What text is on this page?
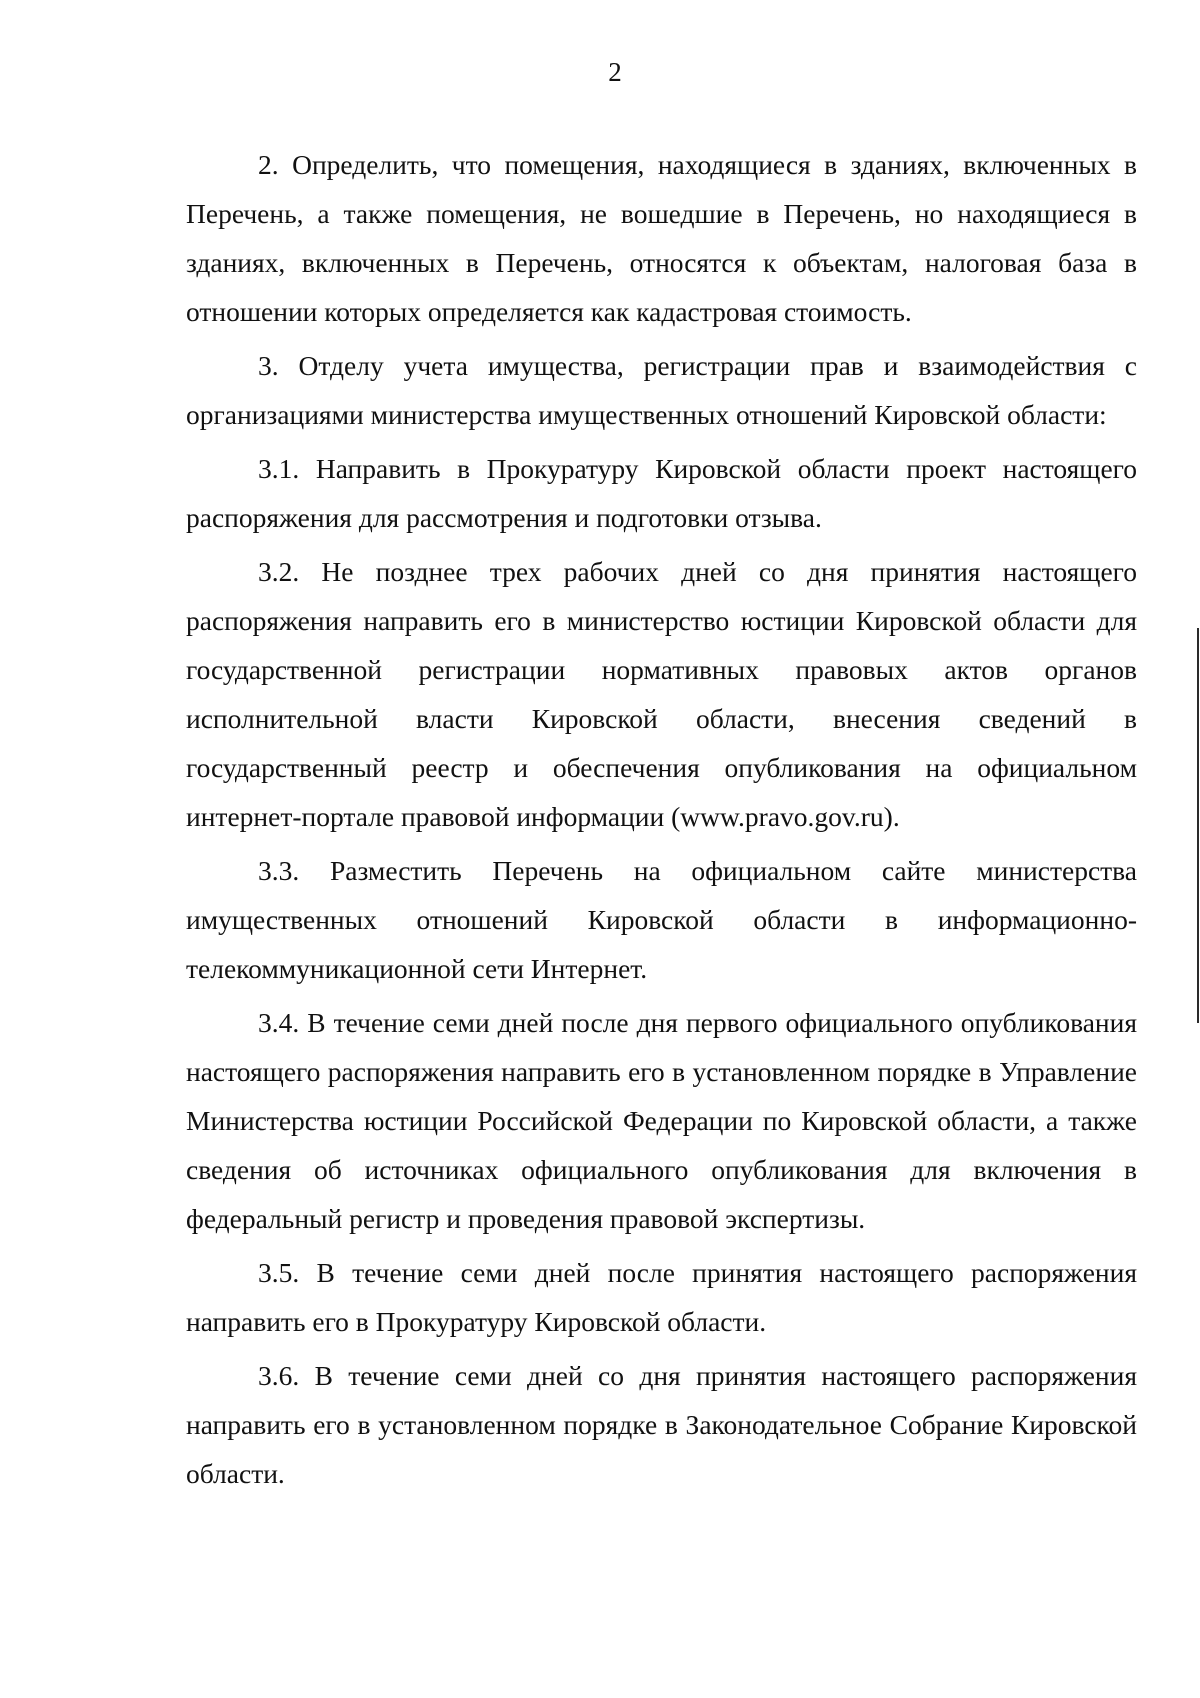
2

2. Определить, что помещения, находящиеся в зданиях, включенных в Перечень, а также помещения, не вошедшие в Перечень, но находящиеся в зданиях, включенных в Перечень, относятся к объектам, налоговая база в отношении которых определяется как кадастровая стоимость.

3. Отделу учета имущества, регистрации прав и взаимодействия с организациями министерства имущественных отношений Кировской области:

3.1. Направить в Прокуратуру Кировской области проект настоящего распоряжения для рассмотрения и подготовки отзыва.

3.2. Не позднее трех рабочих дней со дня принятия настоящего распоряжения направить его в министерство юстиции Кировской области для государственной регистрации нормативных правовых актов органов исполнительной власти Кировской области, внесения сведений в государственный реестр и обеспечения опубликования на официальном интернет-портале правовой информации (www.pravo.gov.ru).

3.3. Разместить Перечень на официальном сайте министерства имущественных отношений Кировской области в информационно-телекоммуникационной сети Интернет.

3.4. В течение семи дней после дня первого официального опубликования настоящего распоряжения направить его в установленном порядке в Управление Министерства юстиции Российской Федерации по Кировской области, а также сведения об источниках официального опубликования для включения в федеральный регистр и проведения правовой экспертизы.

3.5. В течение семи дней после принятия настоящего распоряжения направить его в Прокуратуру Кировской области.

3.6. В течение семи дней со дня принятия настоящего распоряжения направить его в установленном порядке в Законодательное Собрание Кировской области.
